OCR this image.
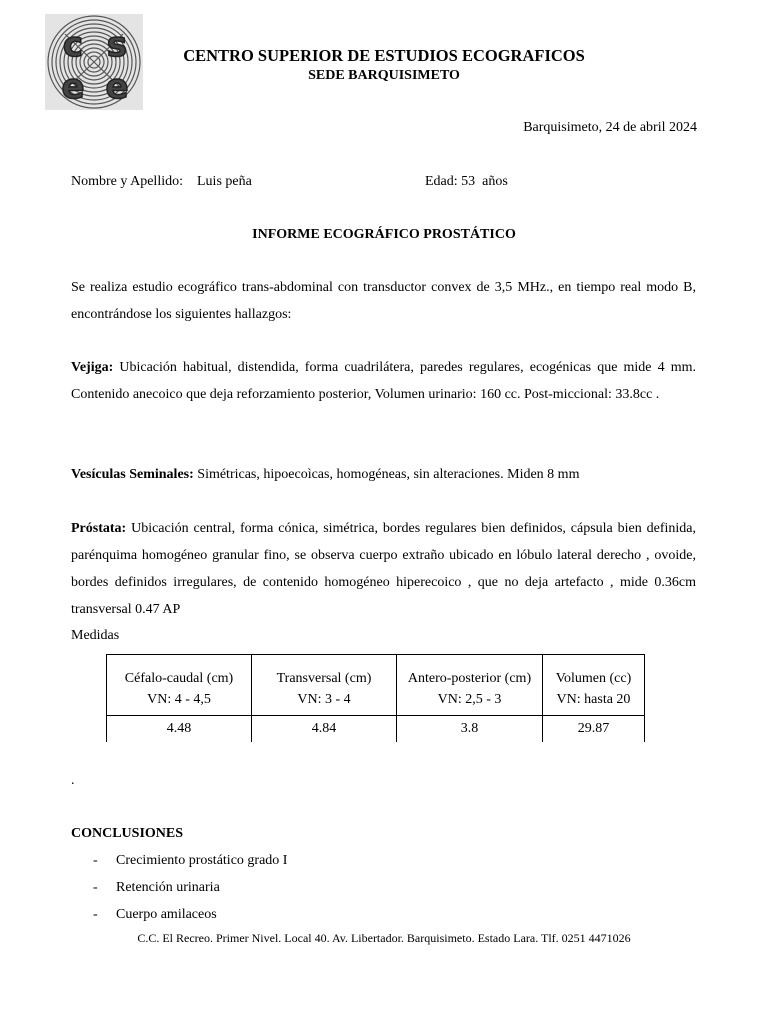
c s
e e
CENTRO SUPERIOR DE ESTUDIOS ECOGRAFICOS
SEDE BARQUISIMETO
Barquisimeto, 24 de abril 2024
Nombre y Apellido: Luis peña	Edad: 53 años
INFORME ECOGRÁFICO PROSTÁTICO
Se realiza estudio ecográfico trans-abdominal con transductor convex de 3,5 MHz., en tiempo real modo B, encontrándose los siguientes hallazgos:
Vejiga: Ubicación habitual, distendida, forma cuadrilátera, paredes regulares, ecogénicas que mide 4 mm. Contenido anecoico que deja reforzamiento posterior, Volumen urinario: 160 cc. Post-miccional: 33.8cc .
Vesículas Seminales: Simétricas, hipoecoìcas, homogéneas, sin alteraciones. Miden 8 mm
Próstata: Ubicación central, forma cónica, simétrica, bordes regulares bien definidos, cápsula bien definida, parénquima homogéneo granular fino, se observa cuerpo extraño ubicado en lóbulo lateral derecho , ovoide, bordes definidos irregulares, de contenido homogéneo hiperecoico , que no deja artefacto , mide 0.36cm transversal 0.47 AP
Medidas
Céfalo-caudal (cm)	Transversal (cm)	Antero-posterior (cm)	Volumen (cc)
VN: 4 - 4,5	VN: 3 - 4	VN: 2,5 - 3	VN: hasta 20
4.48	4.84	3.8	29.87
.
CONCLUSIONES
- Crecimiento prostático grado I
- Retención urinaria
- Cuerpo amilaceos
C.C. El Recreo. Primer Nivel. Local 40. Av. Libertador. Barquisimeto. Estado Lara. Tlf. 0251 4471026
